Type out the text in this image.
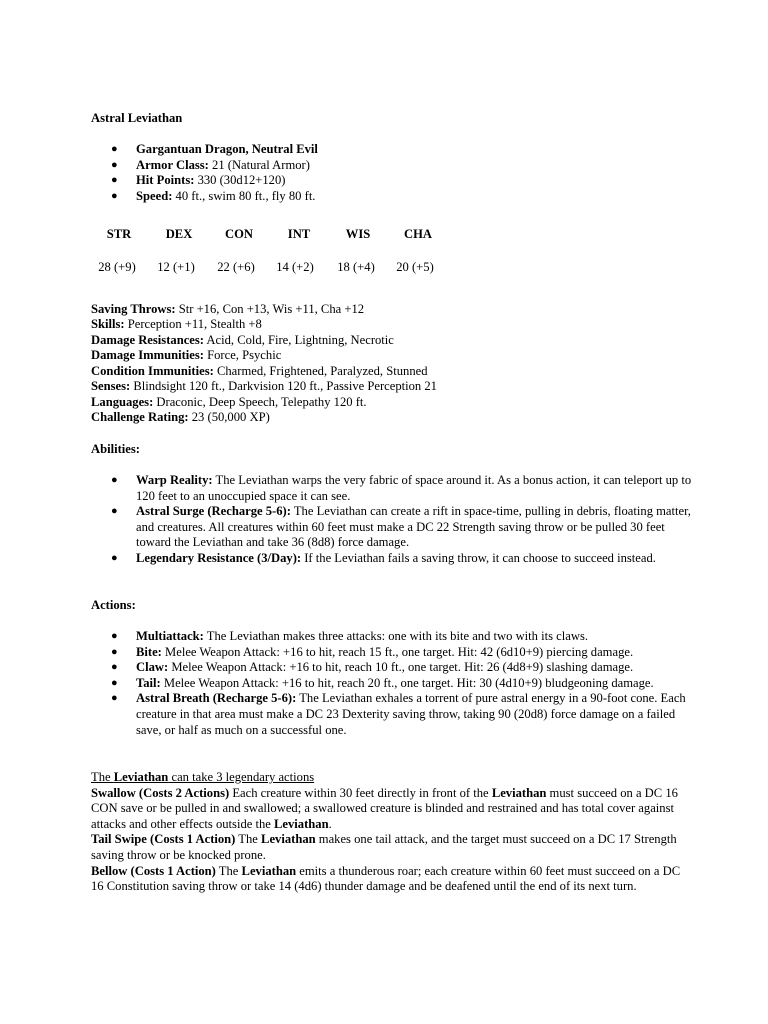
Astral Leviathan
● Gargantuan Dragon, Neutral Evil
● Armor Class: 21 (Natural Armor)
● Hit Points: 330 (30d12+120)
● Speed: 40 ft., swim 80 ft., fly 80 ft.
STR	DEX	CON	INT	WIS	CHA
28 (+9)	12 (+1)	22 (+6)	14 (+2)	18 (+4)	20 (+5)
Saving Throws: Str +16, Con +13, Wis +11, Cha +12
Skills: Perception +11, Stealth +8
Damage Resistances: Acid, Cold, Fire, Lightning, Necrotic
Damage Immunities: Force, Psychic
Condition Immunities: Charmed, Frightened, Paralyzed, Stunned
Senses: Blindsight 120 ft., Darkvision 120 ft., Passive Perception 21
Languages: Draconic, Deep Speech, Telepathy 120 ft.
Challenge Rating: 23 (50,000 XP)
Abilities:
● Warp Reality: The Leviathan warps the very fabric of space around it. As a bonus action, it can teleport up to 120 feet to an unoccupied space it can see.
● Astral Surge (Recharge 5-6): The Leviathan can create a rift in space-time, pulling in debris, floating matter, and creatures. All creatures within 60 feet must make a DC 22 Strength saving throw or be pulled 30 feet toward the Leviathan and take 36 (8d8) force damage.
● Legendary Resistance (3/Day): If the Leviathan fails a saving throw, it can choose to succeed instead.
Actions:
● Multiattack: The Leviathan makes three attacks: one with its bite and two with its claws.
● Bite: Melee Weapon Attack: +16 to hit, reach 15 ft., one target. Hit: 42 (6d10+9) piercing damage.
● Claw: Melee Weapon Attack: +16 to hit, reach 10 ft., one target. Hit: 26 (4d8+9) slashing damage.
● Tail: Melee Weapon Attack: +16 to hit, reach 20 ft., one target. Hit: 30 (4d10+9) bludgeoning damage.
● Astral Breath (Recharge 5-6): The Leviathan exhales a torrent of pure astral energy in a 90-foot cone. Each creature in that area must make a DC 23 Dexterity saving throw, taking 90 (20d8) force damage on a failed save, or half as much on a successful one.
The Leviathan can take 3 legendary actions
Swallow (Costs 2 Actions) Each creature within 30 feet directly in front of the Leviathan must succeed on a DC 16 CON save or be pulled in and swallowed; a swallowed creature is blinded and restrained and has total cover against attacks and other effects outside the Leviathan.
Tail Swipe (Costs 1 Action) The Leviathan makes one tail attack, and the target must succeed on a DC 17 Strength saving throw or be knocked prone.
Bellow (Costs 1 Action) The Leviathan emits a thunderous roar; each creature within 60 feet must succeed on a DC 16 Constitution saving throw or take 14 (4d6) thunder damage and be deafened until the end of its next turn.
